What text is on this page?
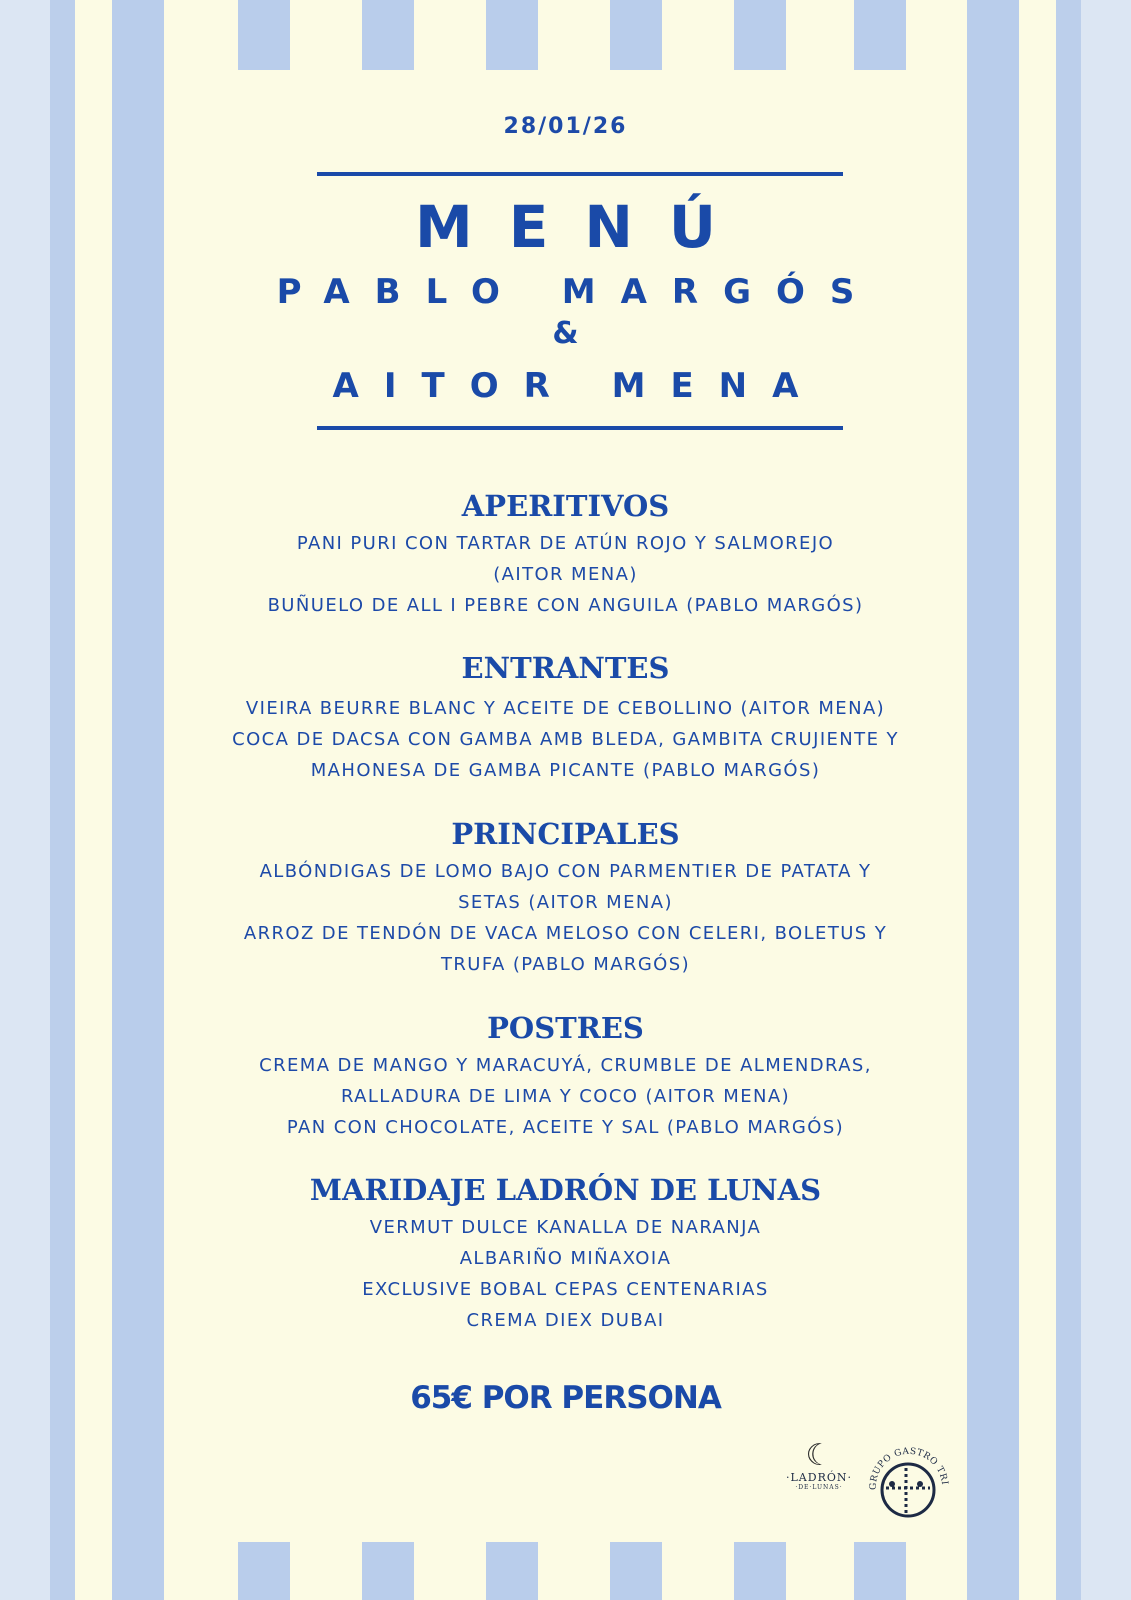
28/01/26
MENÚ
PABLO MARGÓS
&
AITOR MENA
APERITIVOS
PANI PURI CON TARTAR DE ATÚN ROJO Y SALMOREJO
(AITOR MENA)
BUÑUELO DE ALL I PEBRE CON ANGUILA (PABLO MARGÓS)
ENTRANTES
VIEIRA BEURRE BLANC Y ACEITE DE CEBOLLINO (AITOR MENA)
COCA DE DACSA CON GAMBA AMB BLEDA, GAMBITA CRUJIENTE Y
MAHONESA DE GAMBA PICANTE (PABLO MARGÓS)
PRINCIPALES
ALBÓNDIGAS DE LOMO BAJO CON PARMENTIER DE PATATA Y
SETAS (AITOR MENA)
ARROZ DE TENDÓN DE VACA MELOSO CON CELERI, BOLETUS Y
TRUFA (PABLO MARGÓS)
POSTRES
CREMA DE MANGO Y MARACUYÁ, CRUMBLE DE ALMENDRAS,
RALLADURA DE LIMA Y COCO (AITOR MENA)
PAN CON CHOCOLATE, ACEITE Y SAL (PABLO MARGÓS)
MARIDAJE LADRÓN DE LUNAS
VERMUT DULCE KANALLA DE NARANJA
ALBARIÑO MIÑAXOIA
EXCLUSIVE BOBAL CEPAS CENTENARIAS
CREMA DIEX DUBAI
65€ POR PERSONA
☾
·LADRÓN·
·DE·LUNAS·	GRUPO GASTRO TRI
